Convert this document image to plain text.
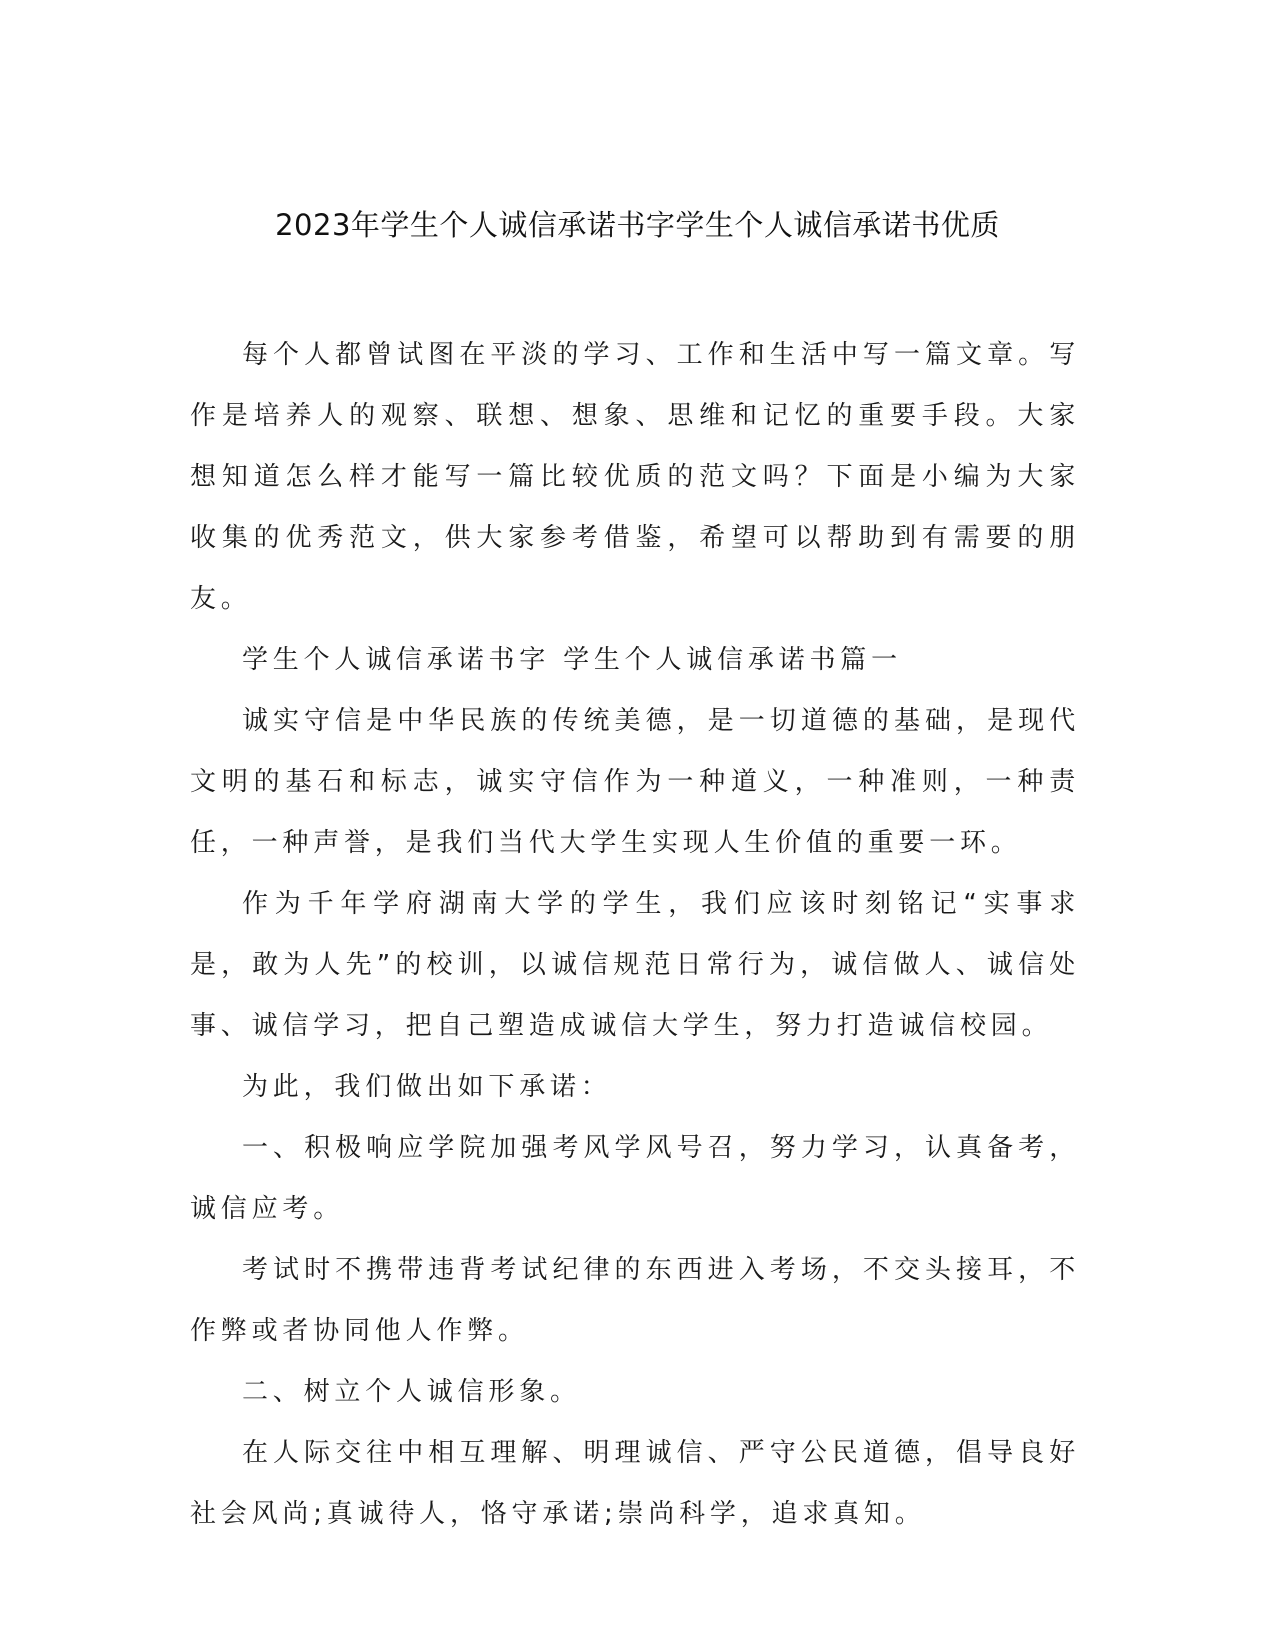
2023年学生个人诚信承诺书字学生个人诚信承诺书优质

每个人都曾试图在平淡的学习、工作和生活中写一篇文章。写作是培养人的观察、联想、想象、思维和记忆的重要手段。大家想知道怎么样才能写一篇比较优质的范文吗？下面是小编为大家收集的优秀范文，供大家参考借鉴，希望可以帮助到有需要的朋友。

学生个人诚信承诺书字 学生个人诚信承诺书篇一

诚实守信是中华民族的传统美德，是一切道德的基础，是现代文明的基石和标志，诚实守信作为一种道义，一种准则，一种责任，一种声誉，是我们当代大学生实现人生价值的重要一环。

作为千年学府湖南大学的学生，我们应该时刻铭记“实事求是，敢为人先”的校训，以诚信规范日常行为，诚信做人、诚信处事、诚信学习，把自己塑造成诚信大学生，努力打造诚信校园。

为此，我们做出如下承诺：

一、积极响应学院加强考风学风号召，努力学习，认真备考，诚信应考。

考试时不携带违背考试纪律的东西进入考场，不交头接耳，不作弊或者协同他人作弊。

二、树立个人诚信形象。

在人际交往中相互理解、明理诚信、严守公民道德，倡导良好社会风尚;真诚待人，恪守承诺;崇尚科学，追求真知。
